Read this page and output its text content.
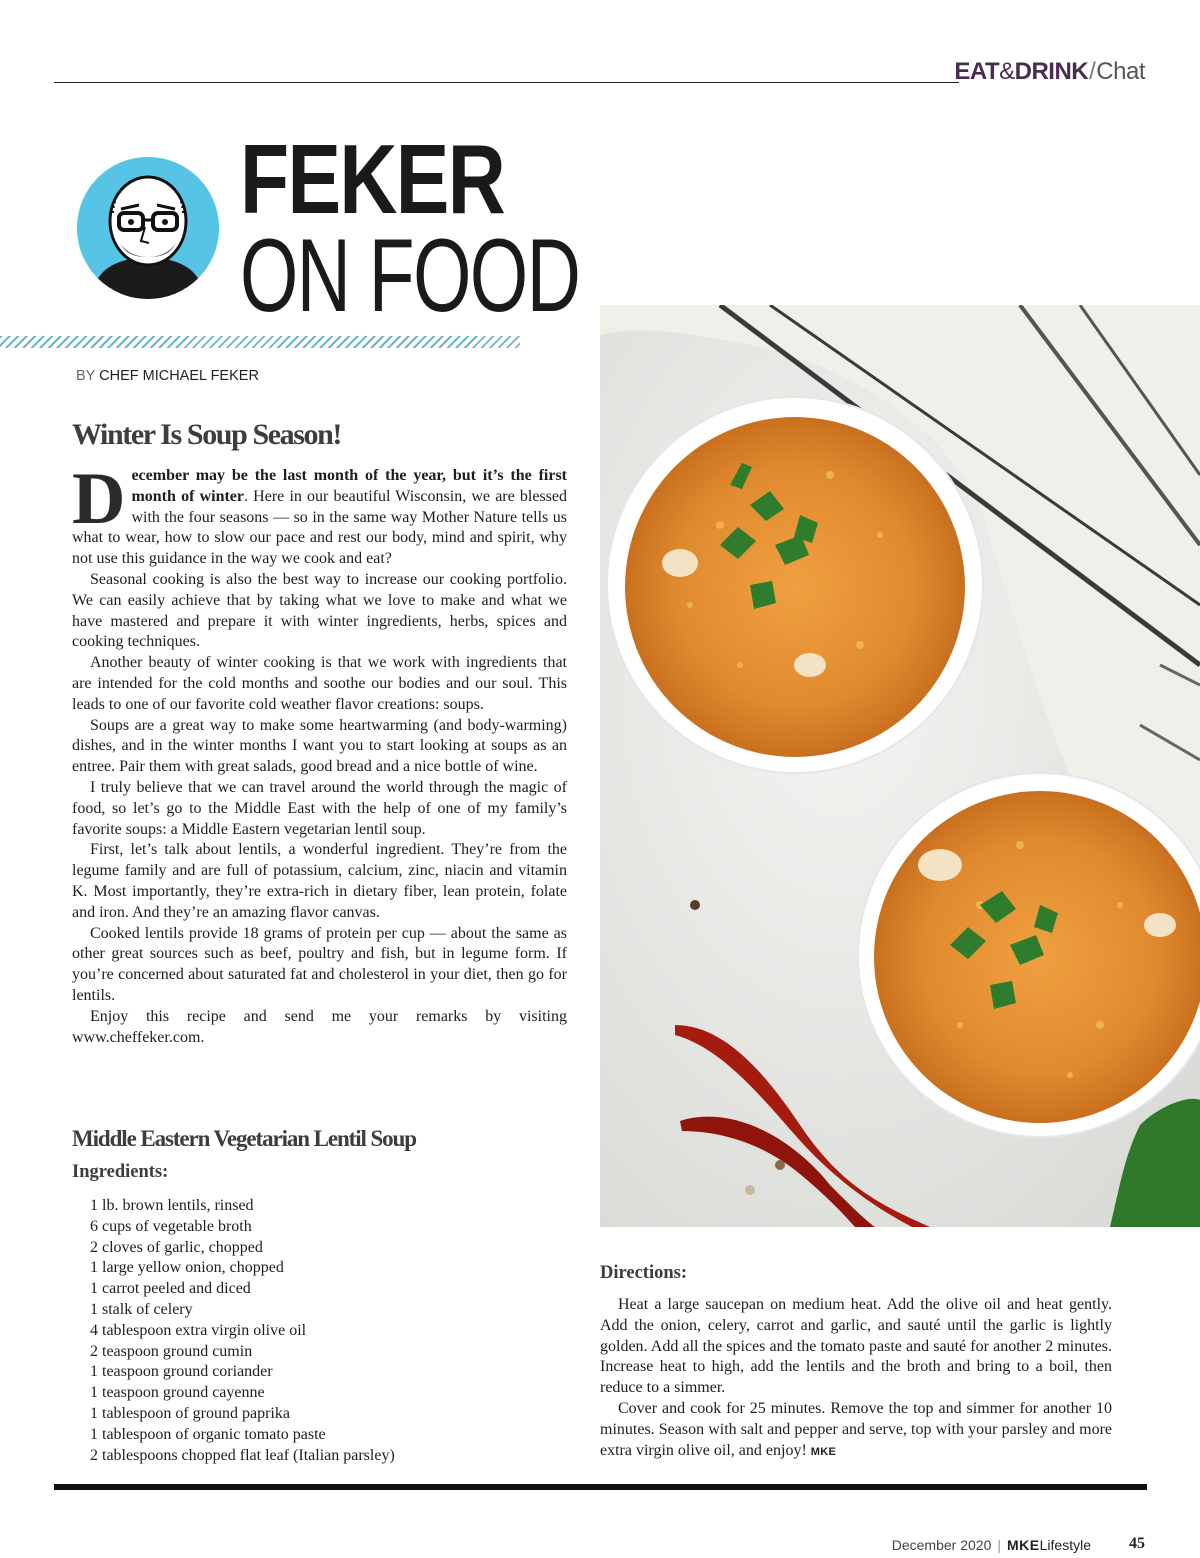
EAT&DRINK/Chat
FEKER
ON FOOD
BY CHEF MICHAEL FEKER
Winter Is Soup Season!

December may be the last month of the year, but it’s the first month of winter. Here in our beautiful Wisconsin, we are blessed with the four seasons — so in the same way Mother Nature tells us what to wear, how to slow our pace and rest our body, mind and spirit, why not use this guidance in the way we cook and eat?

Seasonal cooking is also the best way to increase our cooking portfolio. We can easily achieve that by taking what we love to make and what we have mastered and prepare it with winter ingredients, herbs, spices and cooking techniques.

Another beauty of winter cooking is that we work with ingredients that are intended for the cold months and soothe our bodies and our soul. This leads to one of our favorite cold weather flavor creations: soups.

Soups are a great way to make some heartwarming (and body-warming) dishes, and in the winter months I want you to start looking at soups as an entree. Pair them with great salads, good bread and a nice bottle of wine.

I truly believe that we can travel around the world through the magic of food, so let’s go to the Middle East with the help of one of my family’s favorite soups: a Middle Eastern vegetarian lentil soup.

First, let’s talk about lentils, a wonderful ingredient. They’re from the legume family and are full of potassium, calcium, zinc, niacin and vitamin K. Most importantly, they’re extra-rich in dietary fiber, lean protein, folate and iron. And they’re an amazing flavor canvas.

Cooked lentils provide 18 grams of protein per cup — about the same as other great sources such as beef, poultry and fish, but in legume form. If you’re concerned about saturated fat and cholesterol in your diet, then go for lentils.

Enjoy this recipe and send me your remarks by visiting www.cheffeker.com.

Middle Eastern Vegetarian Lentil Soup
Ingredients:
1 lb. brown lentils, rinsed
6 cups of vegetable broth
2 cloves of garlic, chopped
1 large yellow onion, chopped
1 carrot peeled and diced
1 stalk of celery
4 tablespoon extra virgin olive oil
2 teaspoon ground cumin
1 teaspoon ground coriander
1 teaspoon ground cayenne
1 tablespoon of ground paprika
1 tablespoon of organic tomato paste
2 tablespoons chopped flat leaf (Italian parsley)
Directions:

Heat a large saucepan on medium heat. Add the olive oil and heat gently. Add the onion, celery, carrot and garlic, and sauté until the garlic is lightly golden. Add all the spices and the tomato paste and sauté for another 2 minutes. Increase heat to high, add the lentils and the broth and bring to a boil, then reduce to a simmer.

Cover and cook for 25 minutes. Remove the top and simmer for another 10 minutes. Season with salt and pepper and serve, top with your parsley and more extra virgin olive oil, and enjoy! MKE

December 2020 | MKELifestyle	45
